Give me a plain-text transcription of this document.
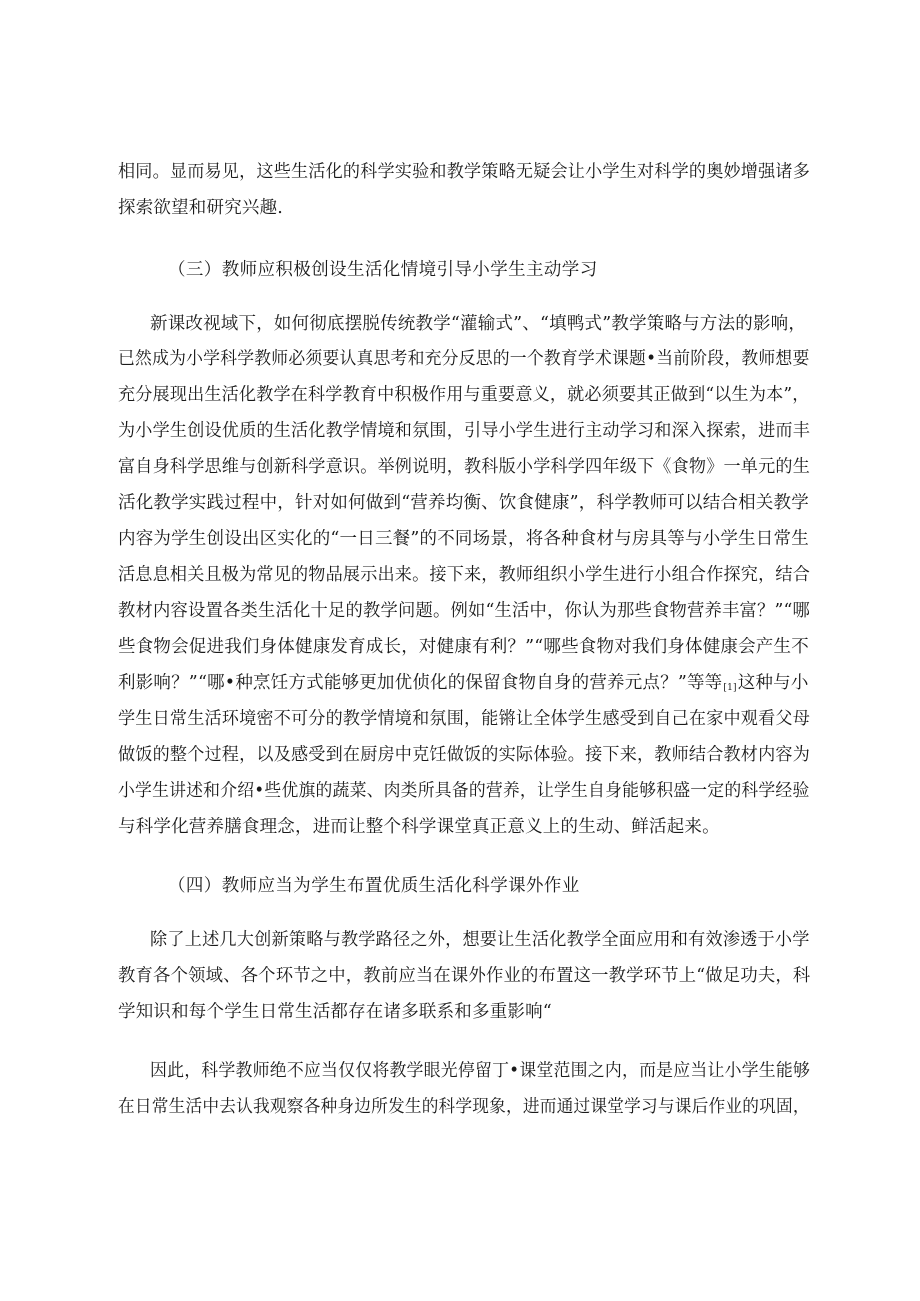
相同。显而易见，这些生活化的科学实验和教学策略无疑会让小学生对科学的奥妙增强诸多
探索欲望和研究兴趣.
（三）教师应积极创设生活化情境引导小学生主动学习
新课改视域下，如何彻底摆脱传统教学“灌输式”、“填鸭式”教学策略与方法的影响，
已然成为小学科学教师必须要认真思考和充分反思的一个教育学术课题•当前阶段，教师想要
充分展现出生活化教学在科学教育中积极作用与重要意义，就必须要其正做到“以生为本”，
为小学生创设优质的生活化教学情境和氛围，引导小学生进行主动学习和深入探索，进而丰
富自身科学思维与创新科学意识。举例说明，教科版小学科学四年级下《食物》一单元的生
活化教学实践过程中，针对如何做到“营养均衡、饮食健康”，科学教师可以结合相关教学
内容为学生创设出区实化的“一日三餐”的不同场景，将各种食材与房具等与小学生日常生
活息息相关且极为常见的物品展示出来。接下来，教师组织小学生进行小组合作探究，结合
教材内容设置各类生活化十足的教学问题。例如“生活中，你认为那些食物营养丰富？”“哪
些食物会促进我们身体健康发育成长，对健康有利？”“哪些食物对我们身体健康会产生不
利影响？”“哪•种烹饪方式能够更加优侦化的保留食物自身的营养元点？”等等$_{[1]}$这种与小
学生日常生活环境密不可分的教学情境和氛围，能锵让全体学生感受到自己在家中观看父母
做饭的整个过程，以及感受到在厨房中克饪做饭的实际体验。接下来，教师结合教材内容为
小学生讲述和介绍•些优旗的蔬菜、肉类所具备的营养，让学生自身能够积盛一定的科学经验
与科学化营养膳食理念，进而让整个科学课堂真正意义上的生动、鲜活起来。
（四）教师应当为学生布置优质生活化科学课外作业
除了上述几大创新策略与教学路径之外，想要让生活化教学全面应用和有效渗透于小学
教育各个领域、各个环节之中，教前应当在课外作业的布置这一教学环节上“做足功夫，科
学知识和每个学生日常生活都存在诸多联系和多重影响“
因此，科学教师绝不应当仅仅将教学眼光停留丁•课堂范围之内，而是应当让小学生能够
在日常生活中去认我观察各种身边所发生的科学现象，进而通过课堂学习与课后作业的巩固，
